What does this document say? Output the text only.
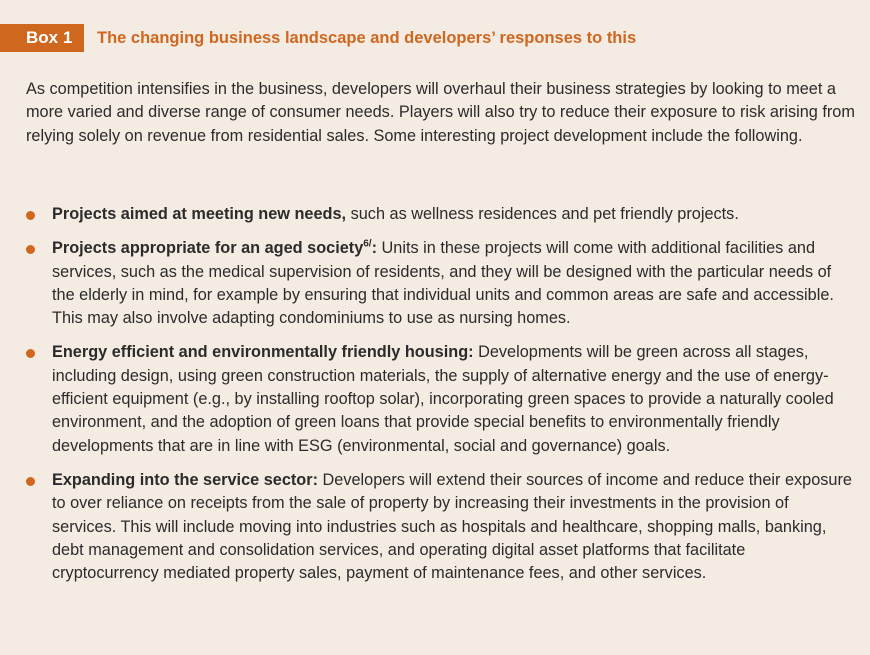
Box 1	The changing business landscape and developers’ responses to this

As competition intensifies in the business, developers will overhaul their business strategies by looking to meet a more varied and diverse range of consumer needs. Players will also try to reduce their exposure to risk arising from relying solely on revenue from residential sales. Some interesting project development include the following.

Projects aimed at meeting new needs, such as wellness residences and pet friendly projects.
Projects appropriate for an aged society$^{6/}$: Units in these projects will come with additional facilities and services, such as the medical supervision of residents, and they will be designed with the particular needs of the elderly in mind, for example by ensuring that individual units and common areas are safe and accessible. This may also involve adapting condominiums to use as nursing homes.
Energy efficient and environmentally friendly housing: Developments will be green across all stages, including design, using green construction materials, the supply of alternative energy and the use of energy-efficient equipment (e.g., by installing rooftop solar), incorporating green spaces to provide a naturally cooled environment, and the adoption of green loans that provide special benefits to environmentally friendly developments that are in line with ESG (environmental, social and governance) goals.
Expanding into the service sector: Developers will extend their sources of income and reduce their exposure to over reliance on receipts from the sale of property by increasing their investments in the provision of services. This will include moving into industries such as hospitals and healthcare, shopping malls, banking, debt management and consolidation services, and operating digital asset platforms that facilitate cryptocurrency mediated property sales, payment of maintenance fees, and other services.
